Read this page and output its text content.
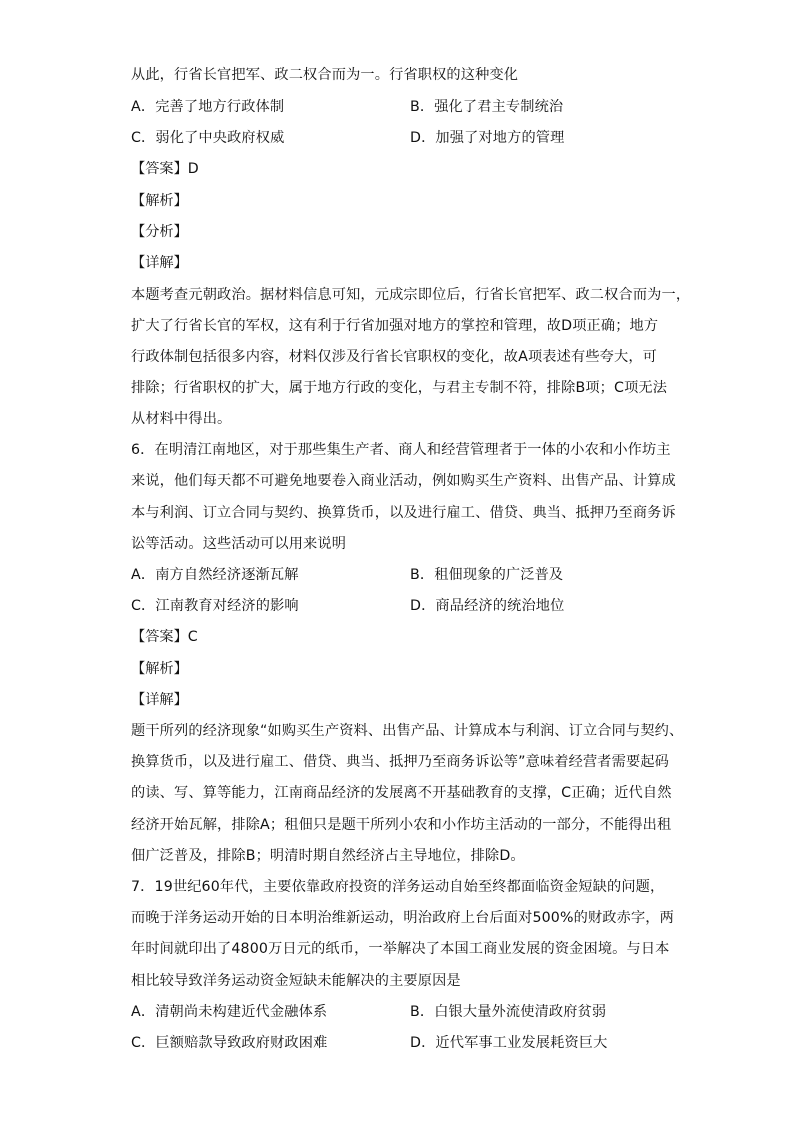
从此，行省长官把军、政二权合而为一。行省职权的这种变化
A．完善了地方行政体制	B．强化了君主专制统治
C．弱化了中央政府权威	D．加强了对地方的管理
【答案】D
【解析】
【分析】
【详解】
本题考查元朝政治。据材料信息可知，元成宗即位后，行省长官把军、政二权合而为一，
扩大了行省长官的军权，这有利于行省加强对地方的掌控和管理，故D项正确；地方
行政体制包括很多内容，材料仅涉及行省长官职权的变化，故A项表述有些夸大，可
排除；行省职权的扩大，属于地方行政的变化，与君主专制不符，排除B项；C项无法
从材料中得出。
6．在明清江南地区，对于那些集生产者、商人和经营管理者于一体的小农和小作坊主
来说，他们每天都不可避免地要卷入商业活动，例如购买生产资料、出售产品、计算成
本与利润、订立合同与契约、换算货币，以及进行雇工、借贷、典当、抵押乃至商务诉
讼等活动。这些活动可以用来说明
A．南方自然经济逐渐瓦解	B．租佃现象的广泛普及
C．江南教育对经济的影响	D．商品经济的统治地位
【答案】C
【解析】
【详解】
题干所列的经济现象“如购买生产资料、出售产品、计算成本与利润、订立合同与契约、
换算货币，以及进行雇工、借贷、典当、抵押乃至商务诉讼等”意味着经营者需要起码
的读、写、算等能力，江南商品经济的发展离不开基础教育的支撑，C正确；近代自然
经济开始瓦解，排除A；租佃只是题干所列小农和小作坊主活动的一部分，不能得出租
佃广泛普及，排除B；明清时期自然经济占主导地位，排除D。
7．19世纪60年代，主要依靠政府投资的洋务运动自始至终都面临资金短缺的问题，
而晚于洋务运动开始的日本明治维新运动，明治政府上台后面对500%的财政赤字，两
年时间就印出了4800万日元的纸币，一举解决了本国工商业发展的资金困境。与日本
相比较导致洋务运动资金短缺未能解决的主要原因是
A．清朝尚未构建近代金融体系	B．白银大量外流使清政府贫弱
C．巨额赔款导致政府财政困难	D．近代军事工业发展耗资巨大
